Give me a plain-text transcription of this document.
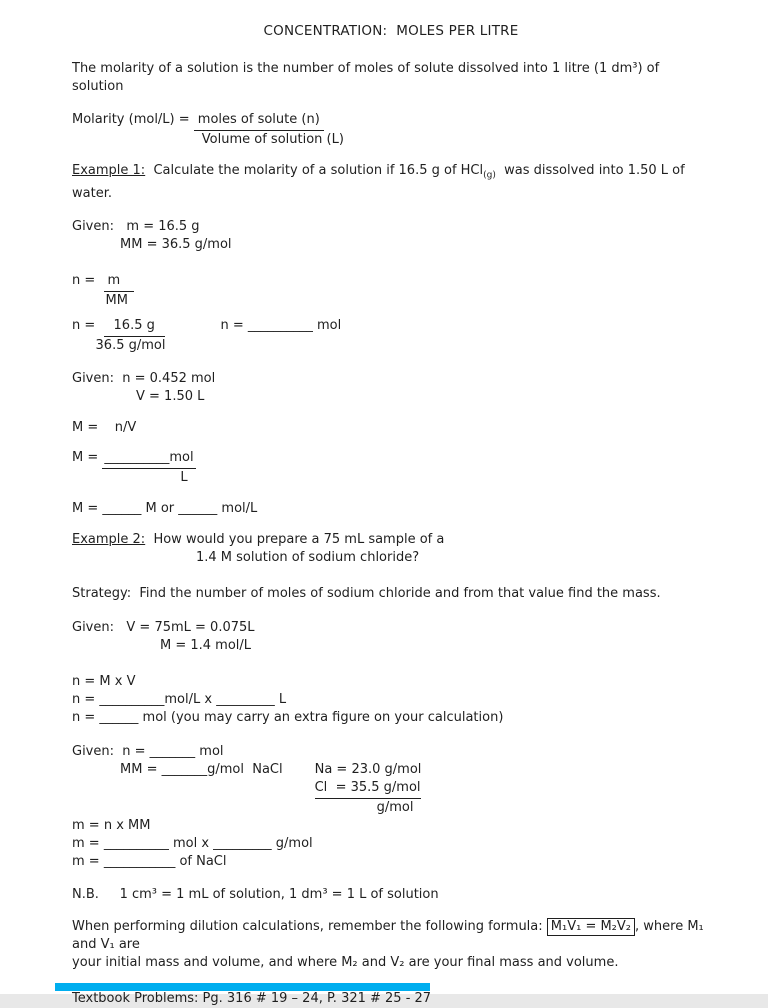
CONCENTRATION:  MOLES PER LITRE
The molarity of a solution is the number of moles of solute dissolved into 1 litre (1 dm³) of solution
Molarity $(mol/L) = \frac{\text{moles of solute (n)}}{\text{Volume of solution (L)}}$
Example 1:  Calculate the molarity of a solution if 16.5 g of HCl$_{(g)}$  was dissolved into 1.50 L of water.
Given:   m = 16.5 g
MM = 36.5 g/mol
$n = \frac{m}{MM}$
$n = \frac{16.5 g}{\text{36.5 g/mol}}$	n = __________ mol
Given:  n = 0.452 mol
V = 1.50 L
M =    n/V
$M = \frac{\text{\_\_\_\_\_\_\_\_\_\_mol}}{L}$
M = ______ M or ______ mol/L
Example 2:  How would you prepare a 75 mL sample of a
1.4 M solution of sodium chloride?
Strategy:  Find the number of moles of sodium chloride and from that value find the mass.
Given:   V = 75mL = 0.075L
M = 1.4 mol/L
n = M x V
n = __________mol/L x _________ L
n = ______ mol (you may carry an extra figure on your calculation)
Given:  n = _______ mol
MM = _______g/mol  NaCl Na = 23.0 g/mol
Cl  = 35.5 g/mol
g/mol
m = n x MM
m = __________ mol x _________ g/mol
m = ___________ of NaCl
N.B.     1 cm³ = 1 mL of solution, 1 dm³ = 1 L of solution
When performing dilution calculations, remember the following formula: M₁V₁ = M₂V₂ , where M₁ and V₁ are
your initial mass and volume, and where M₂ and V₂ are your final mass and volume.
Textbook Problems: Pg. 316 # 19 – 24, P. 321 # 25 - 27
